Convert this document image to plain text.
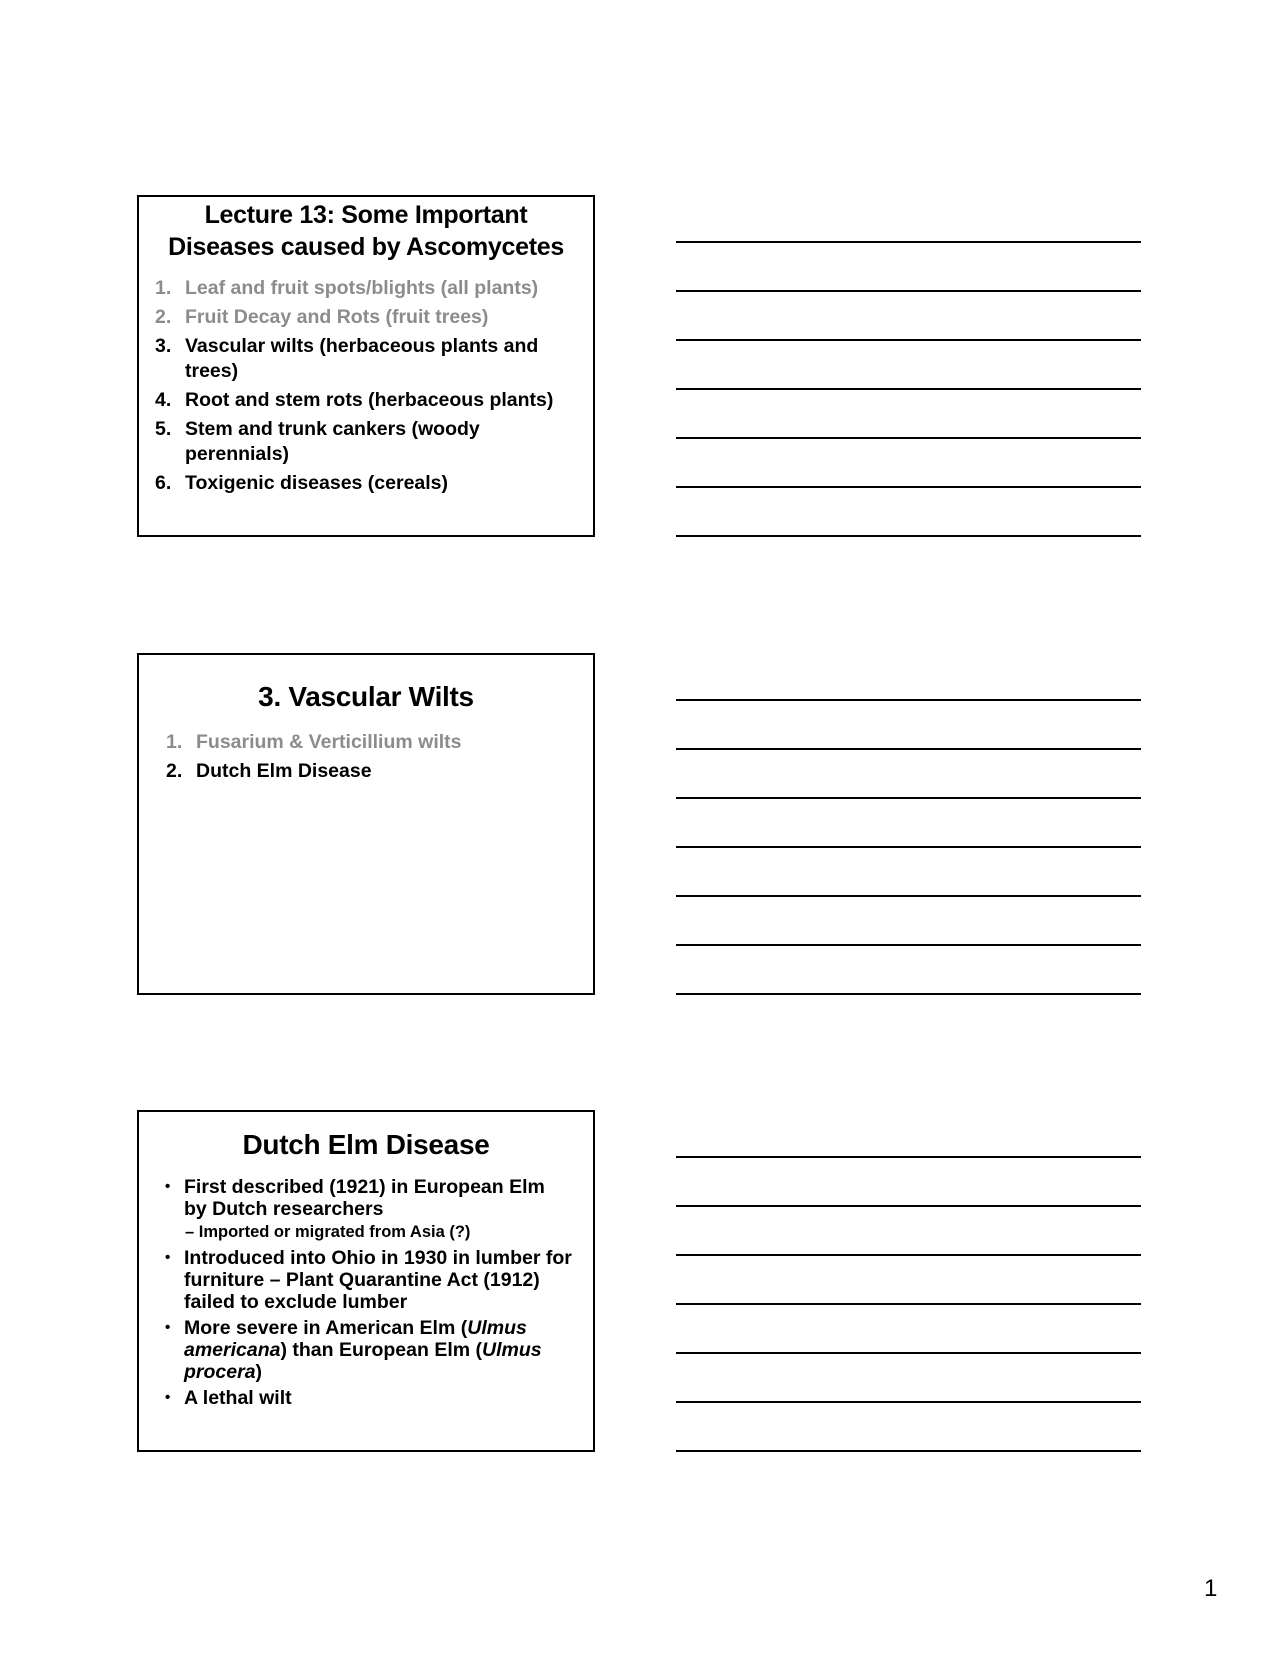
Lecture 13: Some Important
Diseases caused by Ascomycetes
1. Leaf and fruit spots/blights (all plants)
2. Fruit Decay and Rots (fruit trees)
3. Vascular wilts (herbaceous plants and trees)
4. Root and stem rots (herbaceous plants)
5. Stem and trunk cankers (woody perennials)
6. Toxigenic diseases (cereals)
3. Vascular Wilts
1. Fusarium & Verticillium wilts
2. Dutch Elm Disease
Dutch Elm Disease
• First described (1921) in European Elm by Dutch researchers
– Imported or migrated from Asia (?)
• Introduced into Ohio in 1930 in lumber for furniture – Plant Quarantine Act (1912) failed to exclude lumber
• More severe in American Elm (Ulmus americana) than European Elm (Ulmus procera)
• A lethal wilt
1
